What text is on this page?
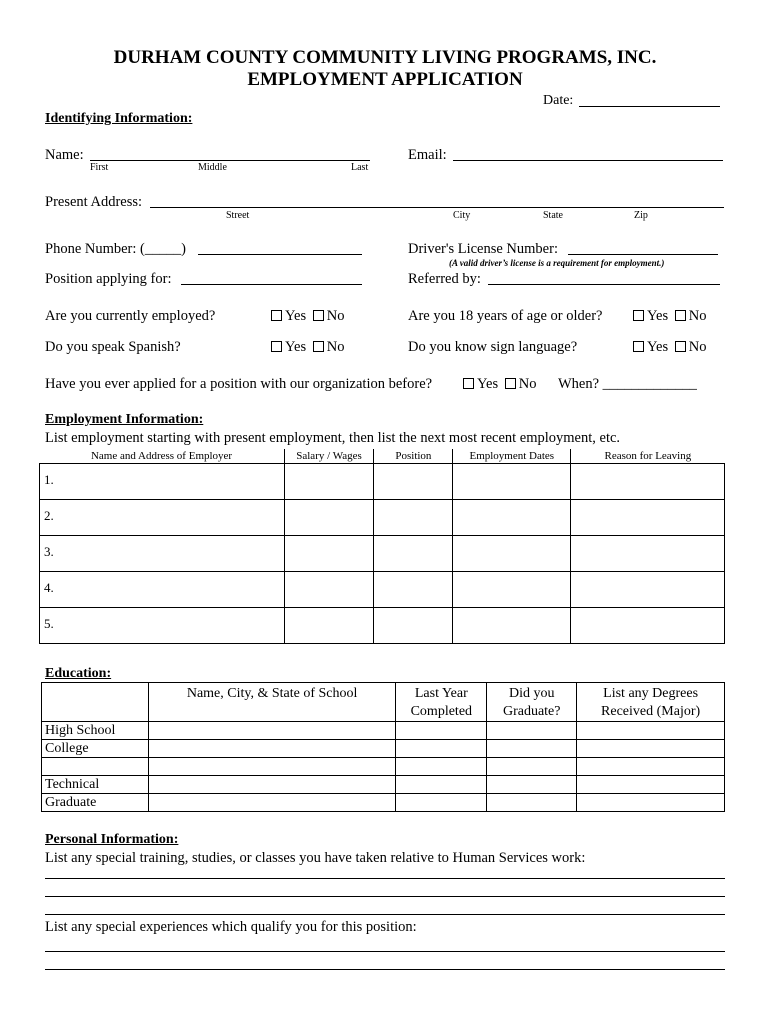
DURHAM COUNTY COMMUNITY LIVING PROGRAMS, INC.
EMPLOYMENT APPLICATION
Date:
Identifying Information:
Name:
First	Middle	Last
Email:
Present Address:
Street	City	State	Zip
Phone Number: (_____)	Driver's License Number:
(A valid driver’s license is a requirement for employment.)
Position applying for:	Referred by:
Are you currently employed?	Yes No	Are you 18 years of age or older?	Yes No
Do you speak Spanish?	Yes No	Do you know sign language?	Yes No
Have you ever applied for a position with our organization before?	Yes No When? _____________
Employment Information:
List employment starting with present employment, then list the next most recent employment, etc.
Name and Address of Employer	Salary / Wages	Position	Employment Dates	Reason for Leaving
1.				
2.				
3.				
4.				
5.				
Education:
	Name, City, & State of School	Last Year Completed	Did you Graduate?	List any Degrees Received (Major)
High School				
College				

Technical				
Graduate				
Personal Information:
List any special training, studies, or classes you have taken relative to Human Services work:
List any special experiences which qualify you for this position:
